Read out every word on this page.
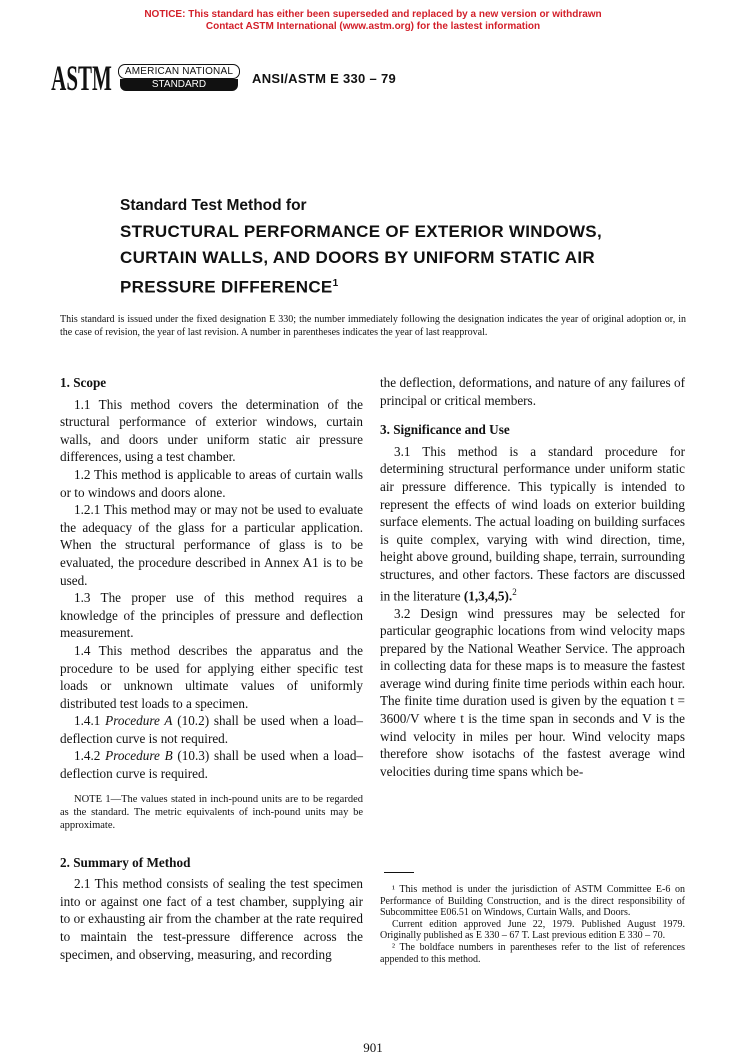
NOTICE: This standard has either been superseded and replaced by a new version or withdrawn
Contact ASTM International (www.astm.org) for the lastest information
ASTM	AMERICAN NATIONAL
STANDARD	ANSI/ASTM E 330 – 79
Standard Test Method for
STRUCTURAL PERFORMANCE OF EXTERIOR WINDOWS,
CURTAIN WALLS, AND DOORS BY UNIFORM STATIC AIR
PRESSURE DIFFERENCE$^1$
This standard is issued under the fixed designation E 330; the number immediately following the designation indicates the year of original adoption or, in the case of revision, the year of last revision. A number in parentheses indicates the year of last reapproval.

1. Scope

1.1 This method covers the determination of the structural performance of exterior windows, curtain walls, and doors under uniform static air pressure differences, using a test chamber.

1.2 This method is applicable to areas of curtain walls or to windows and doors alone.

1.2.1 This method may or may not be used to evaluate the adequacy of the glass for a particular application. When the structural performance of glass is to be evaluated, the procedure described in Annex A1 is to be used.

1.3 The proper use of this method requires a knowledge of the principles of pressure and deflection measurement.

1.4 This method describes the apparatus and the procedure to be used for applying either specific test loads or unknown ultimate values of uniformly distributed test loads to a specimen.

1.4.1 Procedure A (10.2) shall be used when a load–deflection curve is not required.

1.4.2 Procedure B (10.3) shall be used when a load–deflection curve is required.

NOTE 1—The values stated in inch-pound units are to be regarded as the standard. The metric equivalents of inch-pound units may be approximate.

2. Summary of Method

2.1 This method consists of sealing the test specimen into or against one fact of a test chamber, supplying air to or exhausting air from the chamber at the rate required to maintain the test-pressure difference across the specimen, and observing, measuring, and recording

the deflection, deformations, and nature of any failures of principal or critical members.

3. Significance and Use

3.1 This method is a standard procedure for determining structural performance under uniform static air pressure difference. This typically is intended to represent the effects of wind loads on exterior building surface elements. The actual loading on building surfaces is quite complex, varying with wind direction, time, height above ground, building shape, terrain, surrounding structures, and other factors. These factors are discussed in the literature (1,3,4,5).$^2$

3.2 Design wind pressures may be selected for particular geographic locations from wind velocity maps prepared by the National Weather Service. The approach in collecting data for these maps is to measure the fastest average wind during finite time periods within each hour. The finite time duration used is given by the equation t = 3600/V where t is the time span in seconds and V is the wind velocity in miles per hour. Wind velocity maps therefore show isotachs of the fastest average wind velocities during time spans which be-

¹ This method is under the jurisdiction of ASTM Committee E-6 on Performance of Building Construction, and is the direct responsibility of Subcommittee E06.51 on Windows, Curtain Walls, and Doors.

Current edition approved June 22, 1979. Published August 1979. Originally published as E 330 – 67 T. Last previous edition E 330 – 70.

² The boldface numbers in parentheses refer to the list of references appended to this method.

901
